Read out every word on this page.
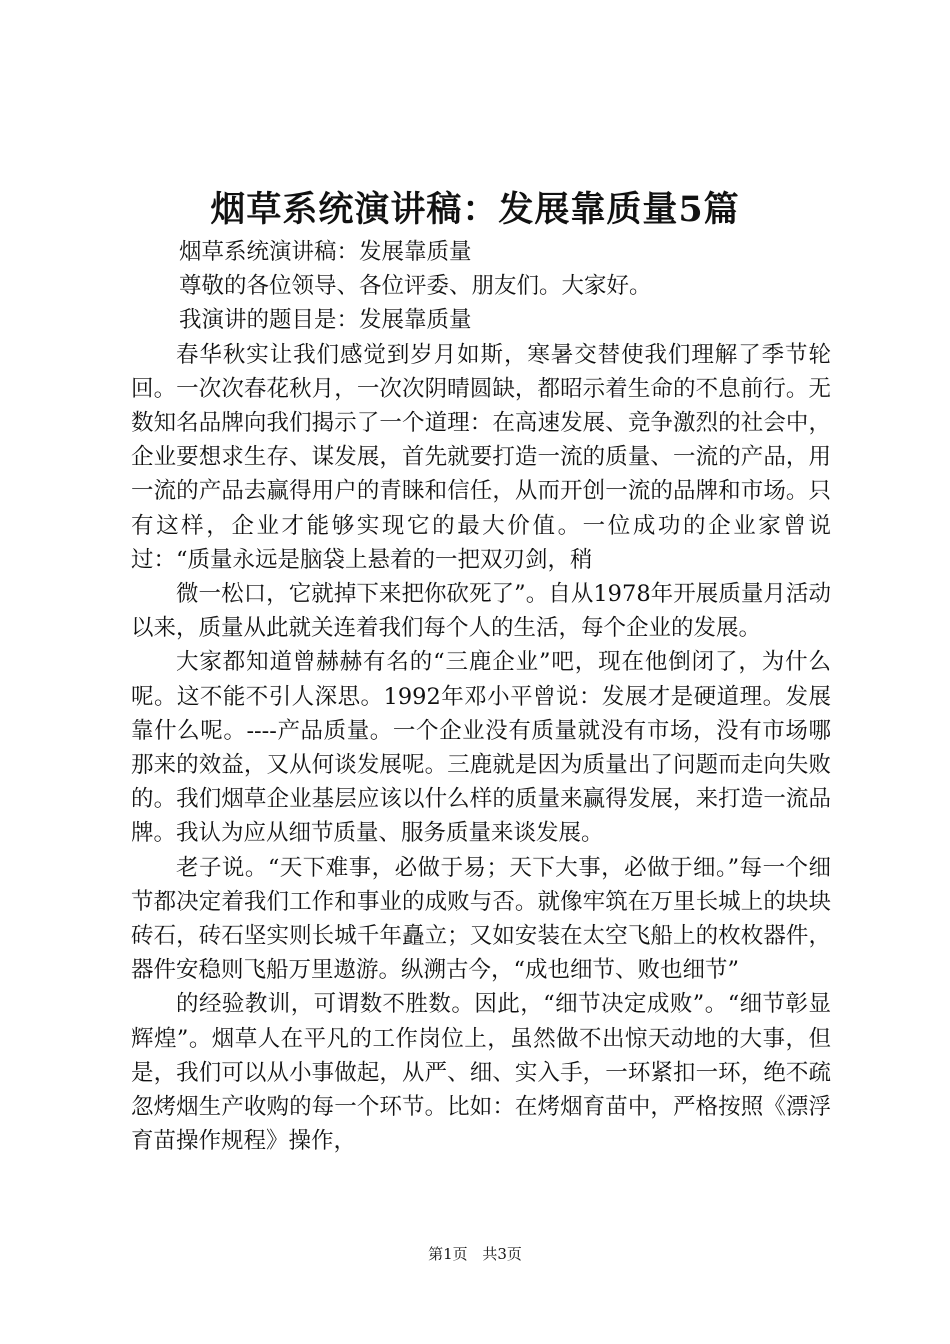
烟草系统演讲稿：发展靠质量5篇

烟草系统演讲稿：发展靠质量

尊敬的各位领导、各位评委、朋友们。大家好。

我演讲的题目是：发展靠质量

春华秋实让我们感觉到岁月如斯，寒暑交替使我们理解了季节轮回。一次次春花秋月，一次次阴晴圆缺，都昭示着生命的不息前行。无数知名品牌向我们揭示了一个道理：在高速发展、竞争激烈的社会中，企业要想求生存、谋发展，首先就要打造一流的质量、一流的产品，用一流的产品去赢得用户的青睐和信任，从而开创一流的品牌和市场。只有这样，企业才能够实现它的最大价值。一位成功的企业家曾说过：“质量永远是脑袋上悬着的一把双刃剑，稍

微一松口，它就掉下来把你砍死了”。自从1978年开展质量月活动以来，质量从此就关连着我们每个人的生活，每个企业的发展。

大家都知道曾赫赫有名的“三鹿企业”吧，现在他倒闭了，为什么呢。这不能不引人深思。1992年邓小平曾说：发展才是硬道理。发展靠什么呢。----产品质量。一个企业没有质量就没有市场，没有市场哪那来的效益，又从何谈发展呢。三鹿就是因为质量出了问题而走向失败的。我们烟草企业基层应该以什么样的质量来赢得发展，来打造一流品牌。我认为应从细节质量、服务质量来谈发展。

老子说。“天下难事，必做于易；天下大事，必做于细。”每一个细节都决定着我们工作和事业的成败与否。就像牢筑在万里长城上的块块砖石，砖石坚实则长城千年矗立；又如安装在太空飞船上的枚枚器件，器件安稳则飞船万里遨游。纵溯古今，“成也细节、败也细节”

的经验教训，可谓数不胜数。因此，“细节决定成败”。“细节彰显辉煌”。烟草人在平凡的工作岗位上，虽然做不出惊天动地的大事，但是，我们可以从小事做起，从严、细、实入手，一环紧扣一环，绝不疏忽烤烟生产收购的每一个环节。比如：在烤烟育苗中，严格按照《漂浮育苗操作规程》操作，

第1页 共3页
